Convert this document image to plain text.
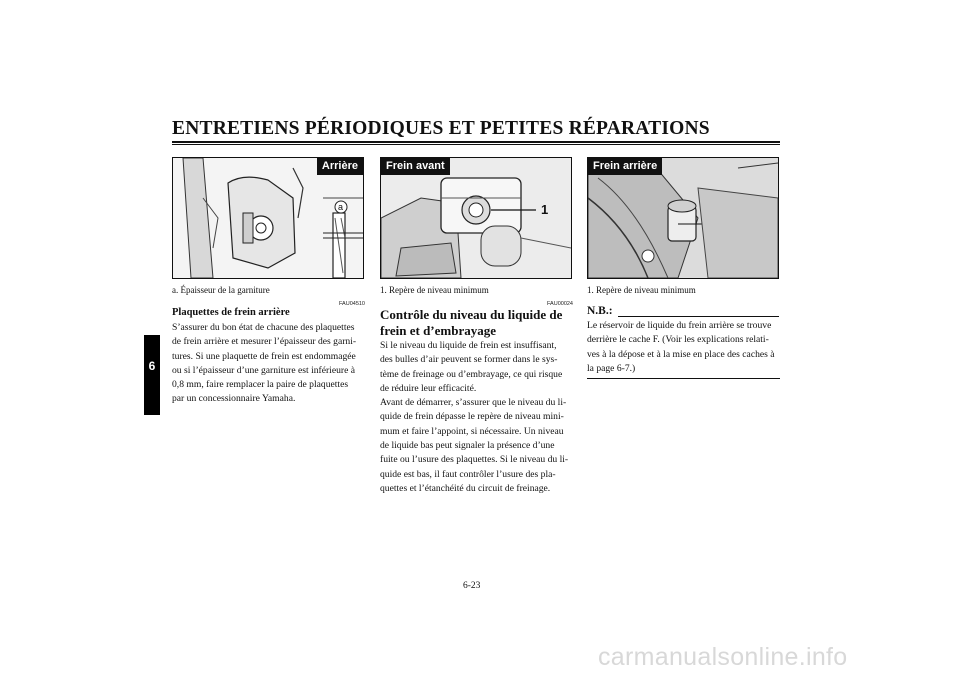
ENTRETIENS PÉRIODIQUES ET PETITES RÉPARATIONS
6
a
Arrière
a. Épaisseur de la garniture
1
Frein avant
1. Repère de niveau minimum
Frein arrière
1. Repère de niveau minimum
FAU04510
Plaquettes de frein arrière
S’assurer du bon état de chacune des plaquettes
de frein arrière et mesurer l’épaisseur des garni-
tures. Si une plaquette de frein est endommagée
ou si l’épaisseur d’une garniture est inférieure à
0,8 mm, faire remplacer la paire de plaquettes
par un concessionnaire Yamaha.
FAU00024
Contrôle du niveau du liquide de
frein et d’embrayage
Si le niveau du liquide de frein est insuffisant,
des bulles d’air peuvent se former dans le sys-
tème de freinage ou d’embrayage, ce qui risque
de réduire leur efficacité.
Avant de démarrer, s’assurer que le niveau du li-
quide de frein dépasse le repère de niveau mini-
mum et faire l’appoint, si nécessaire. Un niveau
de liquide bas peut signaler la présence d’une
fuite ou l’usure des plaquettes. Si le niveau du li-
quide est bas, il faut contrôler l’usure des pla-
quettes et l’étanchéité du circuit de freinage.
N.B.:
Le réservoir de liquide du frein arrière se trouve
derrière le cache F. (Voir les explications relati-
ves à la dépose et à la mise en place des caches à
la page 6-7.)
6-23
carmanualsonline.info
